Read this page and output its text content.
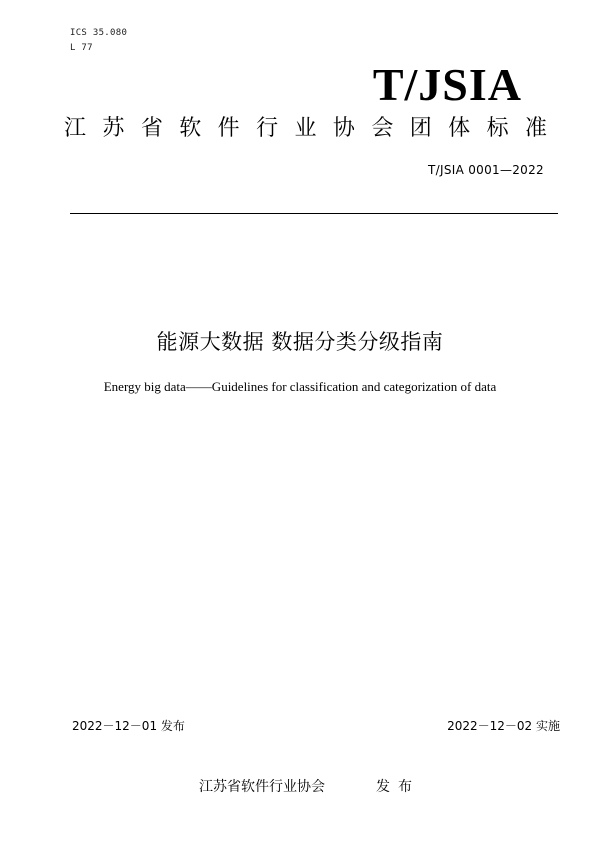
ICS 35.080
L 77
T/JSIA
江苏省软件行业协会团体标准
T/JSIA 0001—2022
能源大数据 数据分类分级指南
Energy big data——Guidelines for classification and categorization of data
2022－12－01 发布	2022－12－02 实施
江苏省软件行业协会	发布
